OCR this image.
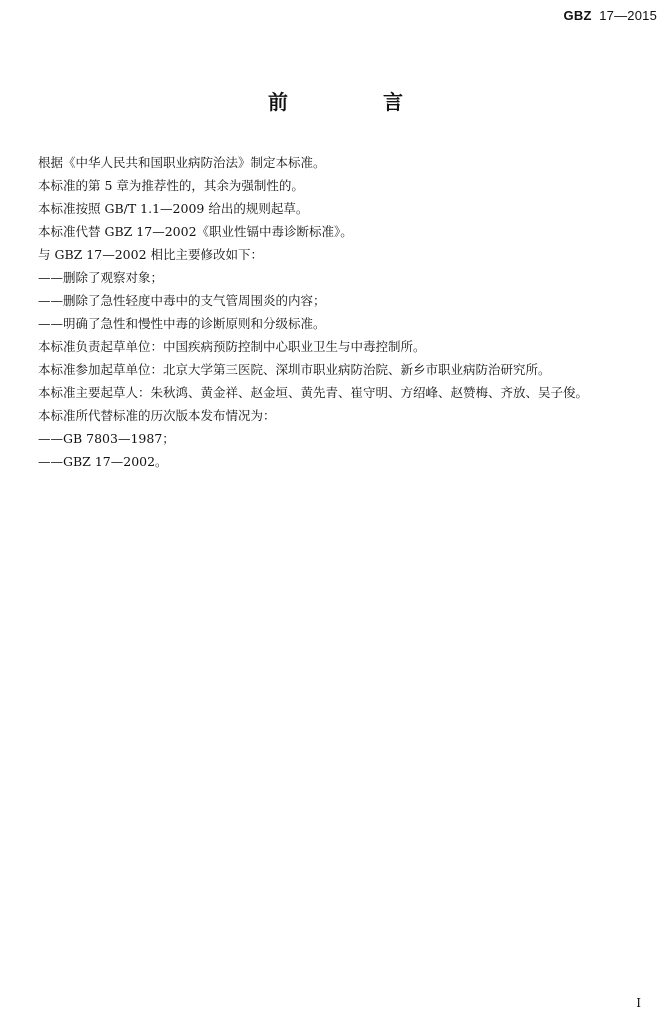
GBZ 17—2015
前 言
根据《中华人民共和国职业病防治法》制定本标准。
本标准的第 5 章为推荐性的，其余为强制性的。
本标准按照 GB/T 1.1—2009 给出的规则起草。
本标准代替 GBZ 17—2002《职业性镉中毒诊断标准》。
与 GBZ 17—2002 相比主要修改如下：
——删除了观察对象；
——删除了急性轻度中毒中的支气管周围炎的内容；
——明确了急性和慢性中毒的诊断原则和分级标准。
本标准负责起草单位：中国疾病预防控制中心职业卫生与中毒控制所。
本标准参加起草单位：北京大学第三医院、深圳市职业病防治院、新乡市职业病防治研究所。
本标准主要起草人：朱秋鸿、黄金祥、赵金垣、黄先青、崔守明、方绍峰、赵赞梅、齐放、吴子俊。
本标准所代替标准的历次版本发布情况为：
——GB 7803—1987；
——GBZ 17—2002。
I
